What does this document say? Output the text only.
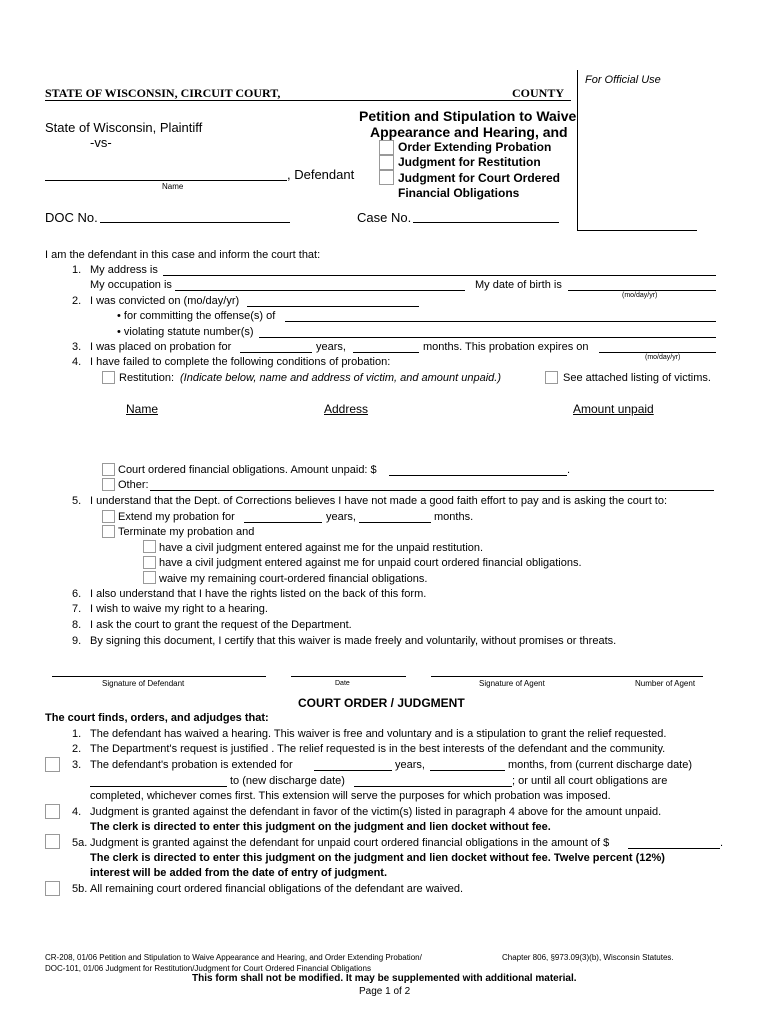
For Official Use
STATE OF WISCONSIN, CIRCUIT COURT,	COUNTY
State of Wisconsin, Plaintiff
-vs-
, Defendant
Name
DOC No.	Case No.
Petition and Stipulation to Waive
Appearance and Hearing, and
Order Extending Probation
Judgment for Restitution
Judgment for Court Ordered
Financial Obligations
I am the defendant in this case and inform the court that:
1. My address is
My occupation is	My date of birth is
2. I was convicted on (mo/day/yr)	(mo/day/yr)
• for committing the offense(s) of
• violating statute number(s)
3. I was placed on probation for	years,	months. This probation expires on
4. I have failed to complete the following conditions of probation:	(mo/day/yr)
Restitution: (Indicate below, name and address of victim, and amount unpaid.)	See attached listing of victims.
Name	Address	Amount unpaid
Court ordered financial obligations. Amount unpaid: $	.
Other:
5. I understand that the Dept. of Corrections believes I have not made a good faith effort to pay and is asking the court to:
Extend my probation for	years,	months.
Terminate my probation and
have a civil judgment entered against me for the unpaid restitution.
have a civil judgment entered against me for unpaid court ordered financial obligations.
waive my remaining court-ordered financial obligations.
6. I also understand that I have the rights listed on the back of this form.
7. I wish to waive my right to a hearing.
8. I ask the court to grant the request of the Department.
9. By signing this document, I certify that this waiver is made freely and voluntarily, without promises or threats.
Signature of Defendant	Date	Signature of Agent	Number of Agent
COURT ORDER / JUDGMENT
The court finds, orders, and adjudges that:
1. The defendant has waived a hearing. This waiver is free and voluntary and is a stipulation to grant the relief requested.
2. The Department's request is justified . The relief requested is in the best interests of the defendant and the community.
3. The defendant's probation is extended for	years,	months, from (current discharge date)
to (new discharge date)	; or until all court obligations are
completed, whichever comes first. This extension will serve the purposes for which probation was imposed.
4. Judgment is granted against the defendant in favor of the victim(s) listed in paragraph 4 above for the amount unpaid.
The clerk is directed to enter this judgment on the judgment and lien docket without fee.
5a. Judgment is granted against the defendant for unpaid court ordered financial obligations in the amount of $	.
The clerk is directed to enter this judgment on the judgment and lien docket without fee. Twelve percent (12%)
interest will be added from the date of entry of judgment.
5b. All remaining court ordered financial obligations of the defendant are waived.
CR-208, 01/06 Petition and Stipulation to Waive Appearance and Hearing, and Order Extending Probation/	Chapter 806, §973.09(3)(b), Wisconsin Statutes.
DOC-101, 01/06 Judgment for Restitution/Judgment for Court Ordered Financial Obligations
This form shall not be modified. It may be supplemented with additional material.
Page 1 of 2
